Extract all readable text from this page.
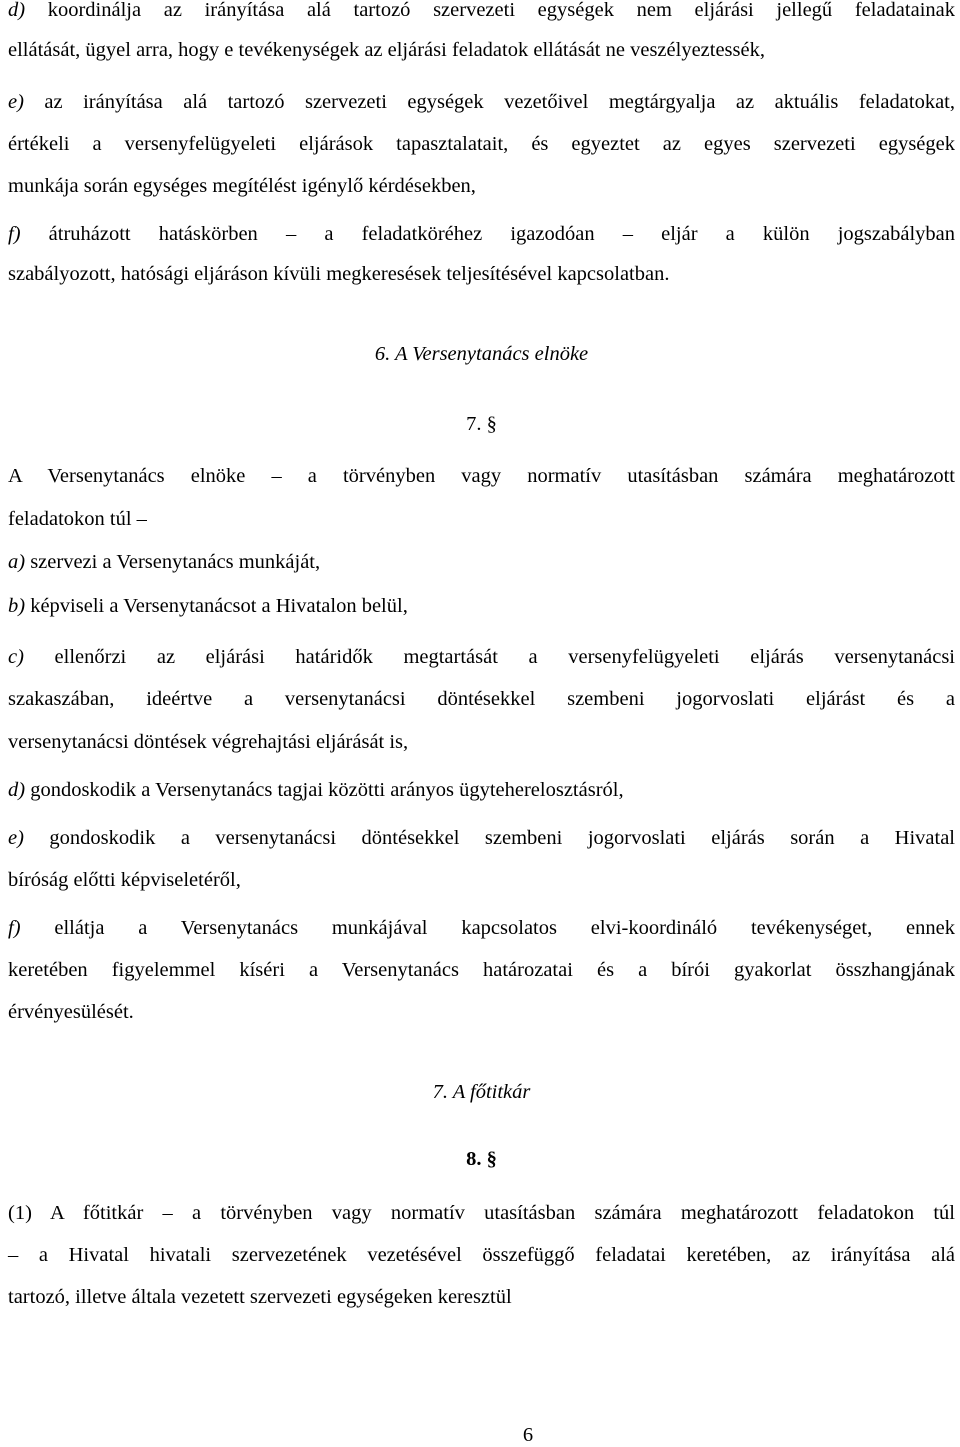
d) koordinálja az irányítása alá tartozó szervezeti egységek nem eljárási jellegű feladatainak
ellátását, ügyel arra, hogy e tevékenységek az eljárási feladatok ellátását ne veszélyeztessék,
e) az irányítása alá tartozó szervezeti egységek vezetőivel megtárgyalja az aktuális feladatokat,
értékeli a versenyfelügyeleti eljárások tapasztalatait, és egyeztet az egyes szervezeti egységek
munkája során egységes megítélést igénylő kérdésekben,
f) átruházott hatáskörben – a feladatköréhez igazodóan – eljár a külön jogszabályban
szabályozott, hatósági eljáráson kívüli megkeresések teljesítésével kapcsolatban.
6. A Versenytanács elnöke
7. §
A Versenytanács elnöke – a törvényben vagy normatív utasításban számára meghatározott
feladatokon túl –
a) szervezi a Versenytanács munkáját,
b) képviseli a Versenytanácsot a Hivatalon belül,
c) ellenőrzi az eljárási határidők megtartását a versenyfelügyeleti eljárás versenytanácsi
szakaszában, ideértve a versenytanácsi döntésekkel szembeni jogorvoslati eljárást és a
versenytanácsi döntések végrehajtási eljárását is,
d) gondoskodik a Versenytanács tagjai közötti arányos ügyteherelosztásról,
e) gondoskodik a versenytanácsi döntésekkel szembeni jogorvoslati eljárás során a Hivatal
bíróság előtti képviseletéről,
f) ellátja a Versenytanács munkájával kapcsolatos elvi-koordináló tevékenységet, ennek
keretében figyelemmel kíséri a Versenytanács határozatai és a bírói gyakorlat összhangjának
érvényesülését.
7. A főtitkár
8. §
(1) A főtitkár – a törvényben vagy normatív utasításban számára meghatározott feladatokon túl
– a Hivatal hivatali szervezetének vezetésével összefüggő feladatai keretében, az irányítása alá
tartozó, illetve általa vezetett szervezeti egységeken keresztül
6
